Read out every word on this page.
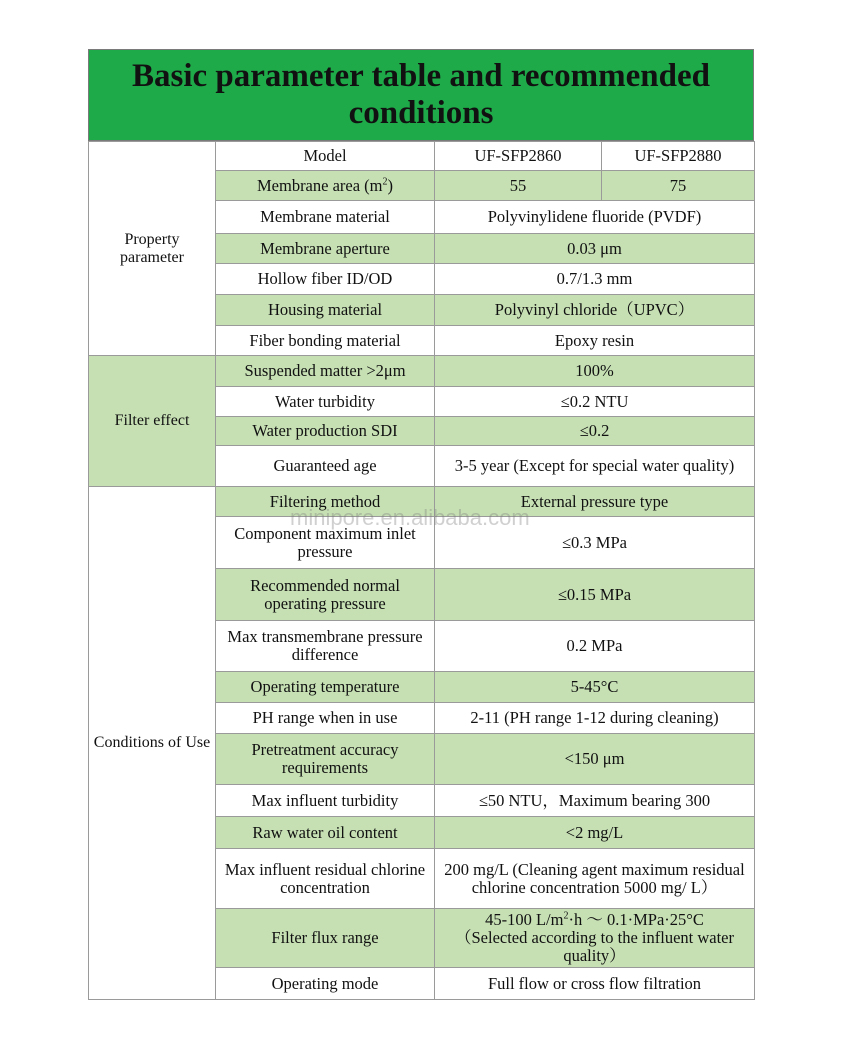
Basic parameter table and recommended conditions
Property parameter	Model	UF-SFP2860	UF-SFP2880
	Membrane area $(m^2)$	55	75
	Membrane material	Polyvinylidene fluoride (PVDF)	
	Membrane aperture	0.03 μm	
	Hollow fiber ID/OD	0.7/1.3 mm	
	Housing material	Polyvinyl chloride（UPVC）	
	Fiber bonding material	Epoxy resin	
Filter effect	Suspended matter >2μm	100%	
	Water turbidity	≤0.2 NTU	
	Water production SDI	≤0.2	
	Guaranteed age	3-5 year (Except for special water quality)	
Conditions of Use	Filtering method	External pressure type	
	Component maximum inlet pressure	≤0.3 MPa	
	Recommended normal operating pressure	≤0.15 MPa	
	Max transmembrane pressure difference	0.2 MPa	
	Operating temperature	5-45°C	
	PH range when in use	2-11 (PH range 1-12 during cleaning)	
	Pretreatment accuracy requirements	<150 μm	
	Max influent turbidity	≤50 NTU，Maximum bearing 300	
	Raw water oil content	<2 mg/L	
	Max influent residual chlorine concentration	200 mg/L (Cleaning agent maximum residual chlorine concentration 5000 mg/ L）	
	Filter flux range	45-100 $L/m^2\cdot h$ ～ 0.1·MPa·25°C
（Selected according to the influent water quality）	
	Operating mode	Full flow or cross flow filtration	
minipore.en.alibaba.com
